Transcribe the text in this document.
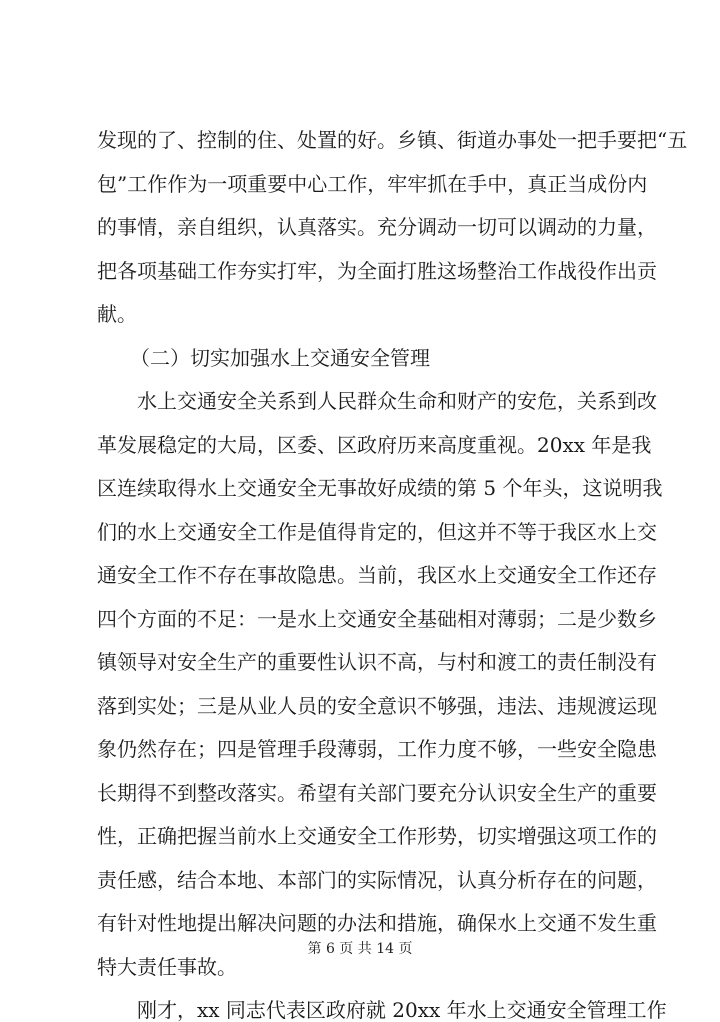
发现的了、控制的住、处置的好。乡镇、街道办事处一把手要把“五
包”工作作为一项重要中心工作，牢牢抓在手中，真正当成份内
的事情，亲自组织，认真落实。充分调动一切可以调动的力量，
把各项基础工作夯实打牢，为全面打胜这场整治工作战役作出贡
献。
（二）切实加强水上交通安全管理
水上交通安全关系到人民群众生命和财产的安危，关系到改
革发展稳定的大局，区委、区政府历来高度重视。20xx 年是我
区连续取得水上交通安全无事故好成绩的第 5 个年头，这说明我
们的水上交通安全工作是值得肯定的，但这并不等于我区水上交
通安全工作不存在事故隐患。当前，我区水上交通安全工作还存
四个方面的不足：一是水上交通安全基础相对薄弱；二是少数乡
镇领导对安全生产的重要性认识不高，与村和渡工的责任制没有
落到实处；三是从业人员的安全意识不够强，违法、违规渡运现
象仍然存在；四是管理手段薄弱，工作力度不够，一些安全隐患
长期得不到整改落实。希望有关部门要充分认识安全生产的重要
性，正确把握当前水上交通安全工作形势，切实增强这项工作的
责任感，结合本地、本部门的实际情况，认真分析存在的问题，
有针对性地提出解决问题的办法和措施，确保水上交通不发生重
特大责任事故。
刚才，xx 同志代表区政府就 20xx 年水上交通安全管理工作
第 6 页 共 14 页
